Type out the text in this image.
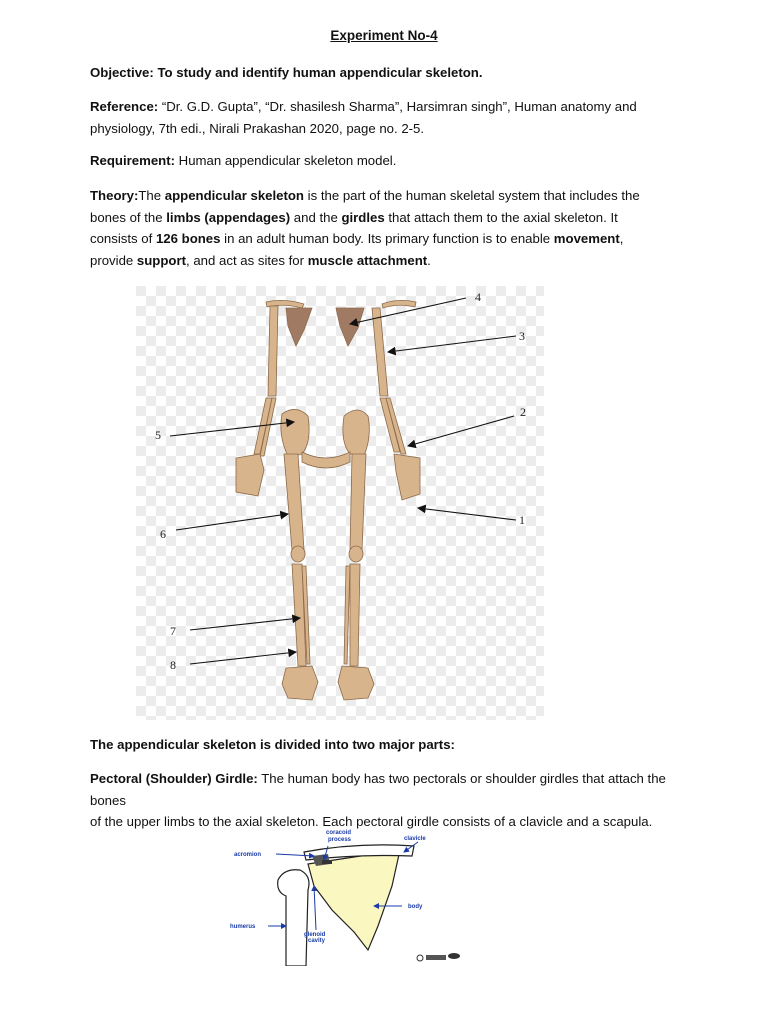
Experiment No-4
Objective: To study and identify human appendicular skeleton.
Reference: “Dr. G.D. Gupta”, “Dr. shasilesh Sharma”, Harsimran singh”, Human anatomy and
physiology, 7th edi., Nirali Prakashan 2020, page no. 2-5.
Requirement: Human appendicular skeleton model.
Theory:The appendicular skeleton is the part of the human skeletal system that includes the
bones of the limbs (appendages) and the girdles that attach them to the axial skeleton. It
consists of 126 bones in an adult human body. Its primary function is to enable movement,
provide support, and act as sites for muscle attachment.
3
2
1
4
5
6
7
8
The appendicular skeleton is divided into two major parts:
Pectoral (Shoulder) Girdle: The human body has two pectorals or shoulder girdles that attach the bones
of the upper limbs to the axial skeleton. Each pectoral girdle consists of a clavicle and a scapula.
coracoid
process	clavicle
acromion
body
humerus
glenoid
cavity
